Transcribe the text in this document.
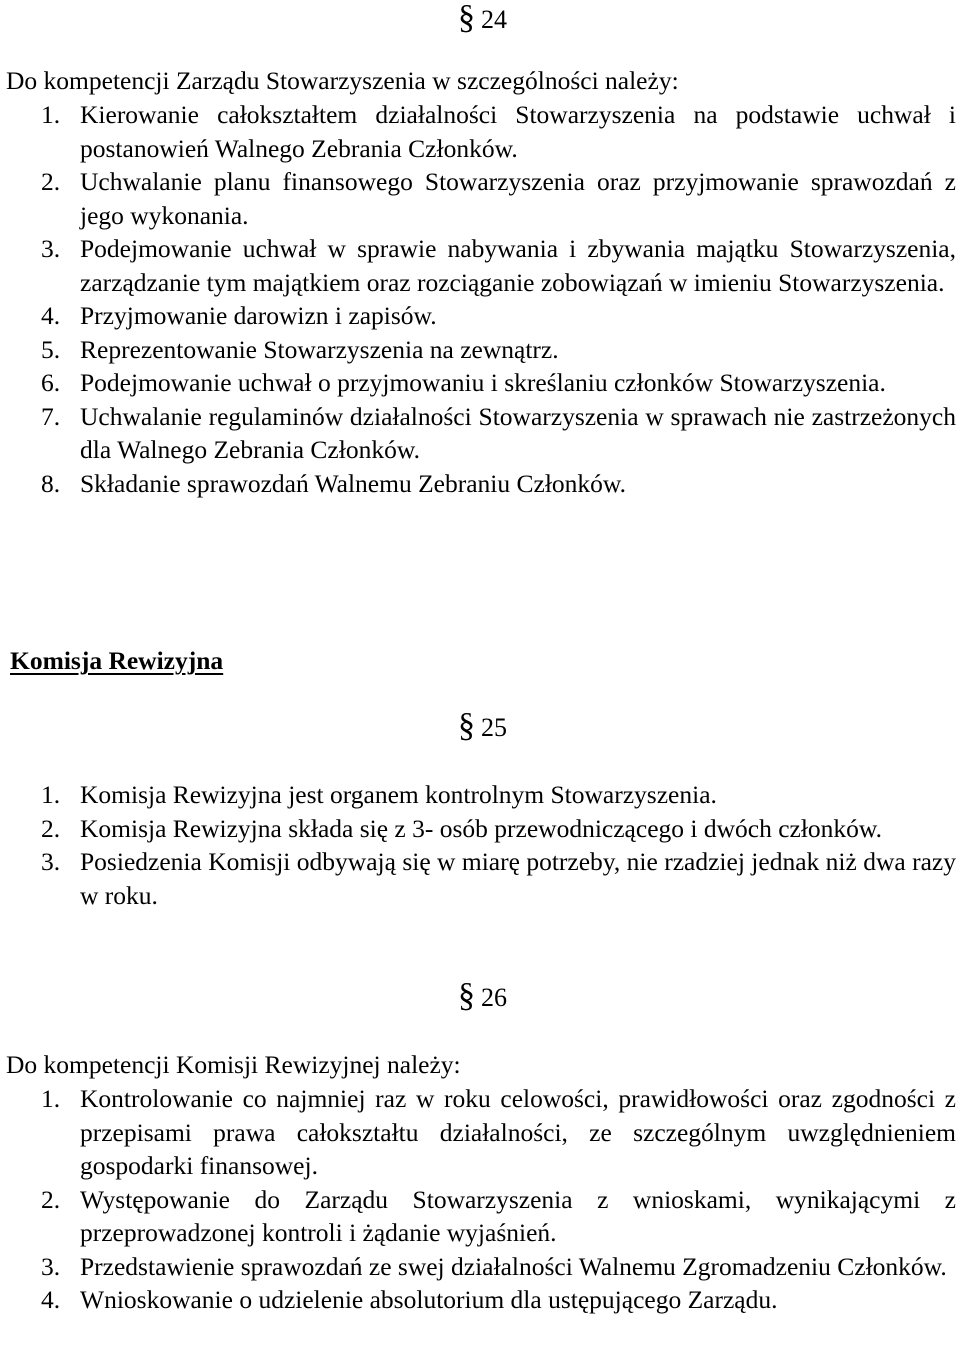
§ 24

Do kompetencji Zarządu Stowarzyszenia w szczególności należy:

1. Kierowanie całokształtem działalności Stowarzyszenia na podstawie uchwał i postanowień Walnego Zebrania Członków.
2. Uchwalanie planu finansowego Stowarzyszenia oraz przyjmowanie sprawozdań z jego wykonania.
3. Podejmowanie uchwał w sprawie nabywania i zbywania majątku Stowarzyszenia, zarządzanie tym majątkiem oraz rozciąganie zobowiązań w imieniu Stowarzyszenia.
4. Przyjmowanie darowizn i zapisów.
5. Reprezentowanie Stowarzyszenia na zewnątrz.
6. Podejmowanie uchwał o przyjmowaniu i skreślaniu członków Stowarzyszenia.
7. Uchwalanie regulaminów działalności Stowarzyszenia w sprawach nie zastrzeżonych dla Walnego Zebrania Członków.
8. Składanie sprawozdań Walnemu Zebraniu Członków.
Komisja Rewizyjna
§ 25
1. Komisja Rewizyjna jest organem kontrolnym Stowarzyszenia.
2. Komisja Rewizyjna składa się z 3- osób przewodniczącego i dwóch członków.
3. Posiedzenia Komisji odbywają się w miarę potrzeby, nie rzadziej jednak niż dwa razy w roku.
§ 26

Do kompetencji Komisji Rewizyjnej należy:

1. Kontrolowanie co najmniej raz w roku celowości, prawidłowości oraz zgodności z przepisami prawa całokształtu działalności, ze szczególnym uwzględnieniem gospodarki finansowej.
2. Występowanie do Zarządu Stowarzyszenia z wnioskami, wynikającymi z przeprowadzonej kontroli i żądanie wyjaśnień.
3. Przedstawienie sprawozdań ze swej działalności Walnemu Zgromadzeniu Członków.
4. Wnioskowanie o udzielenie absolutorium dla ustępującego Zarządu.
